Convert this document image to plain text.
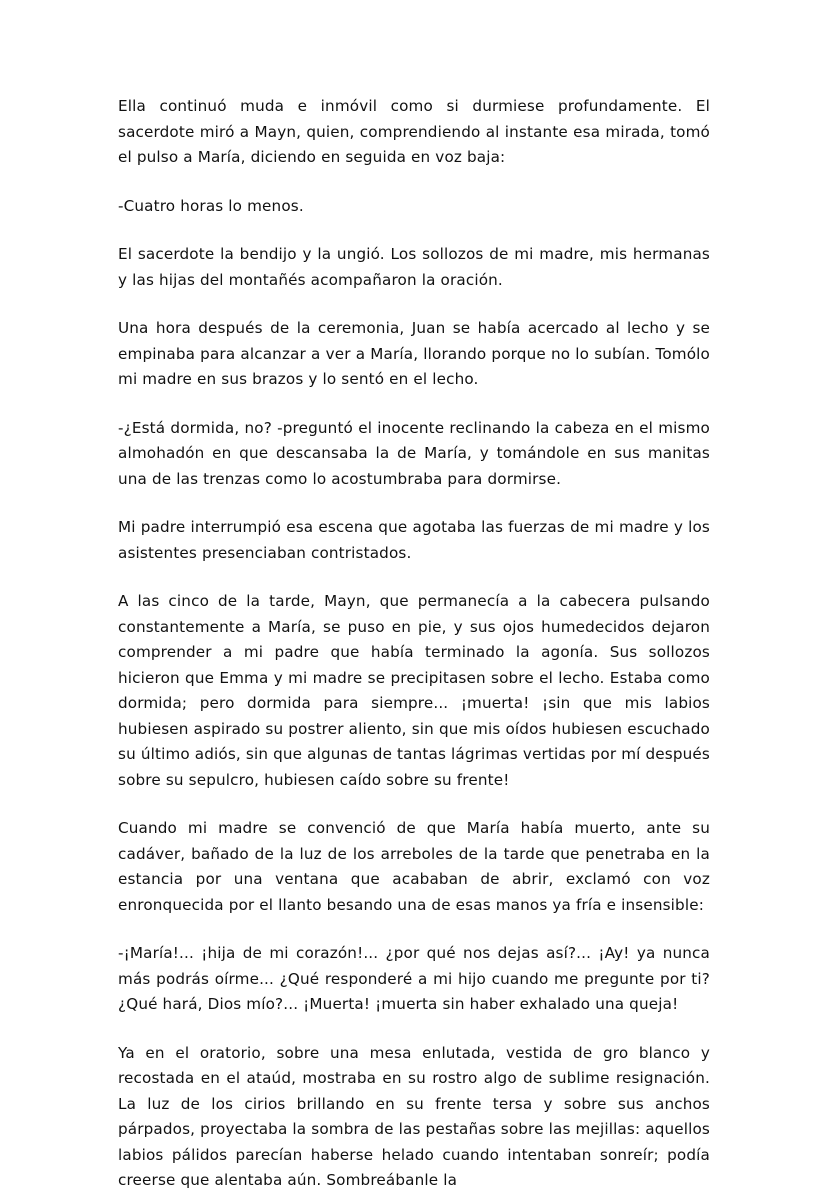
Ella continuó muda e inmóvil como si durmiese profundamente. El sacerdote miró a Mayn, quien, comprendiendo al instante esa mirada, tomó el pulso a María, diciendo en seguida en voz baja:

-Cuatro horas lo menos.

El sacerdote la bendijo y la ungió. Los sollozos de mi madre, mis hermanas y las hijas del montañés acompañaron la oración.

Una hora después de la ceremonia, Juan se había acercado al lecho y se empinaba para alcanzar a ver a María, llorando porque no lo subían. Tomólo mi madre en sus brazos y lo sentó en el lecho.

-¿Está dormida, no? -preguntó el inocente reclinando la cabeza en el mismo almohadón en que descansaba la de María, y tomándole en sus manitas una de las trenzas como lo acostumbraba para dormirse.

Mi padre interrumpió esa escena que agotaba las fuerzas de mi madre y los asistentes presenciaban contristados.

A las cinco de la tarde, Mayn, que permanecía a la cabecera pulsando constantemente a María, se puso en pie, y sus ojos humedecidos dejaron comprender a mi padre que había terminado la agonía. Sus sollozos hicieron que Emma y mi madre se precipitasen sobre el lecho. Estaba como dormida; pero dormida para siempre... ¡muerta! ¡sin que mis labios hubiesen aspirado su postrer aliento, sin que mis oídos hubiesen escuchado su último adiós, sin que algunas de tantas lágrimas vertidas por mí después sobre su sepulcro, hubiesen caído sobre su frente!

Cuando mi madre se convenció de que María había muerto, ante su cadáver, bañado de la luz de los arreboles de la tarde que penetraba en la estancia por una ventana que acababan de abrir, exclamó con voz enronquecida por el llanto besando una de esas manos ya fría e insensible:

-¡María!... ¡hija de mi corazón!... ¿por qué nos dejas así?... ¡Ay! ya nunca más podrás oírme... ¿Qué responderé a mi hijo cuando me pregunte por ti? ¿Qué hará, Dios mío?... ¡Muerta! ¡muerta sin haber exhalado una queja!

Ya en el oratorio, sobre una mesa enlutada, vestida de gro blanco y recostada en el ataúd, mostraba en su rostro algo de sublime resignación. La luz de los cirios brillando en su frente tersa y sobre sus anchos párpados, proyectaba la sombra de las pestañas sobre las mejillas: aquellos labios pálidos parecían haberse helado cuando intentaban sonreír; podía creerse que alentaba aún. Sombreábanle la
